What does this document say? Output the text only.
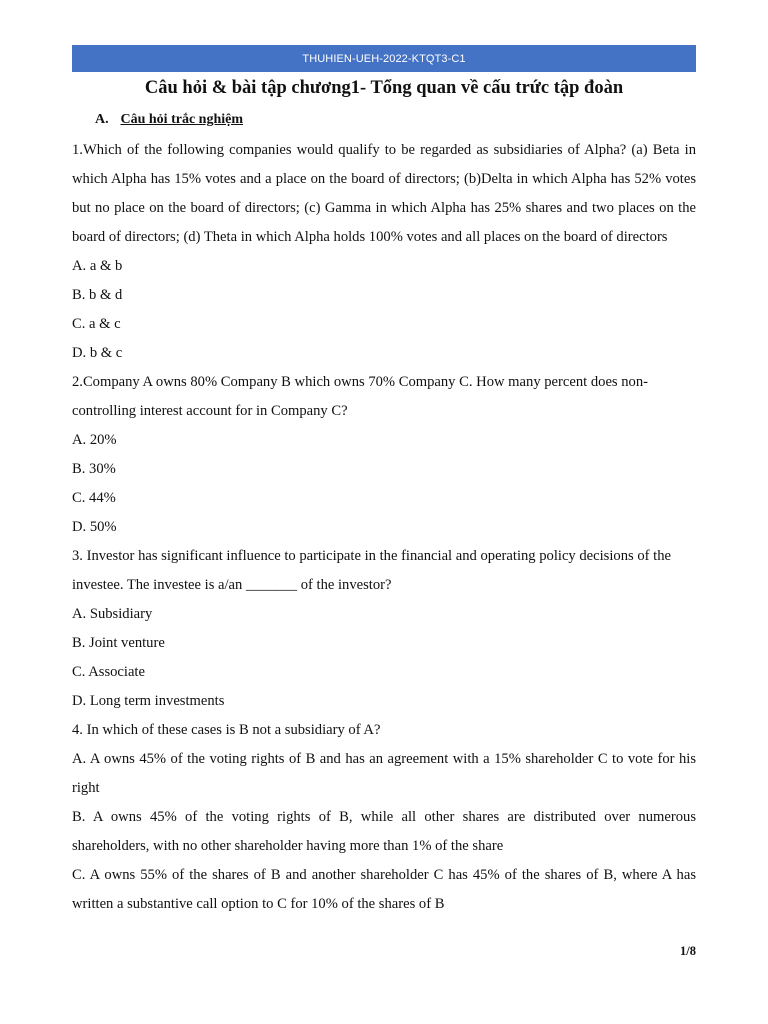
THUHIEN-UEH-2022-KTQT3-C1
Câu hỏi & bài tập chương1- Tổng quan về cấu trức tập đoàn
A. Câu hỏi trắc nghiệm

1.Which of the following companies would qualify to be regarded as subsidiaries of Alpha? (a) Beta in which Alpha has 15% votes and a place on the board of directors; (b)Delta in which Alpha has 52% votes but no place on the board of directors; (c) Gamma in which Alpha has 25% shares and two places on the board of directors; (d) Theta in which Alpha holds 100% votes and all places on the board of directors

A. a & b

B. b & d

C. a & c

D. b & c

2.Company A owns 80% Company B which owns 70% Company C. How many percent does non-controlling interest account for in Company C?

A. 20%

B. 30%

C. 44%

D. 50%

3. Investor has significant influence to participate in the financial and operating policy decisions of the investee. The investee is a/an _______ of the investor?

A. Subsidiary

B. Joint venture

C. Associate

D. Long term investments

4. In which of these cases is B not a subsidiary of A?

A. A owns 45% of the voting rights of B and has an agreement with a 15% shareholder C to vote for his right

B. A owns 45% of the voting rights of B, while all other shares are distributed over numerous shareholders, with no other shareholder having more than 1% of the share

C. A owns 55% of the shares of B and another shareholder C has 45% of the shares of B, where A has written a substantive call option to C for 10% of the shares of B

1/8
